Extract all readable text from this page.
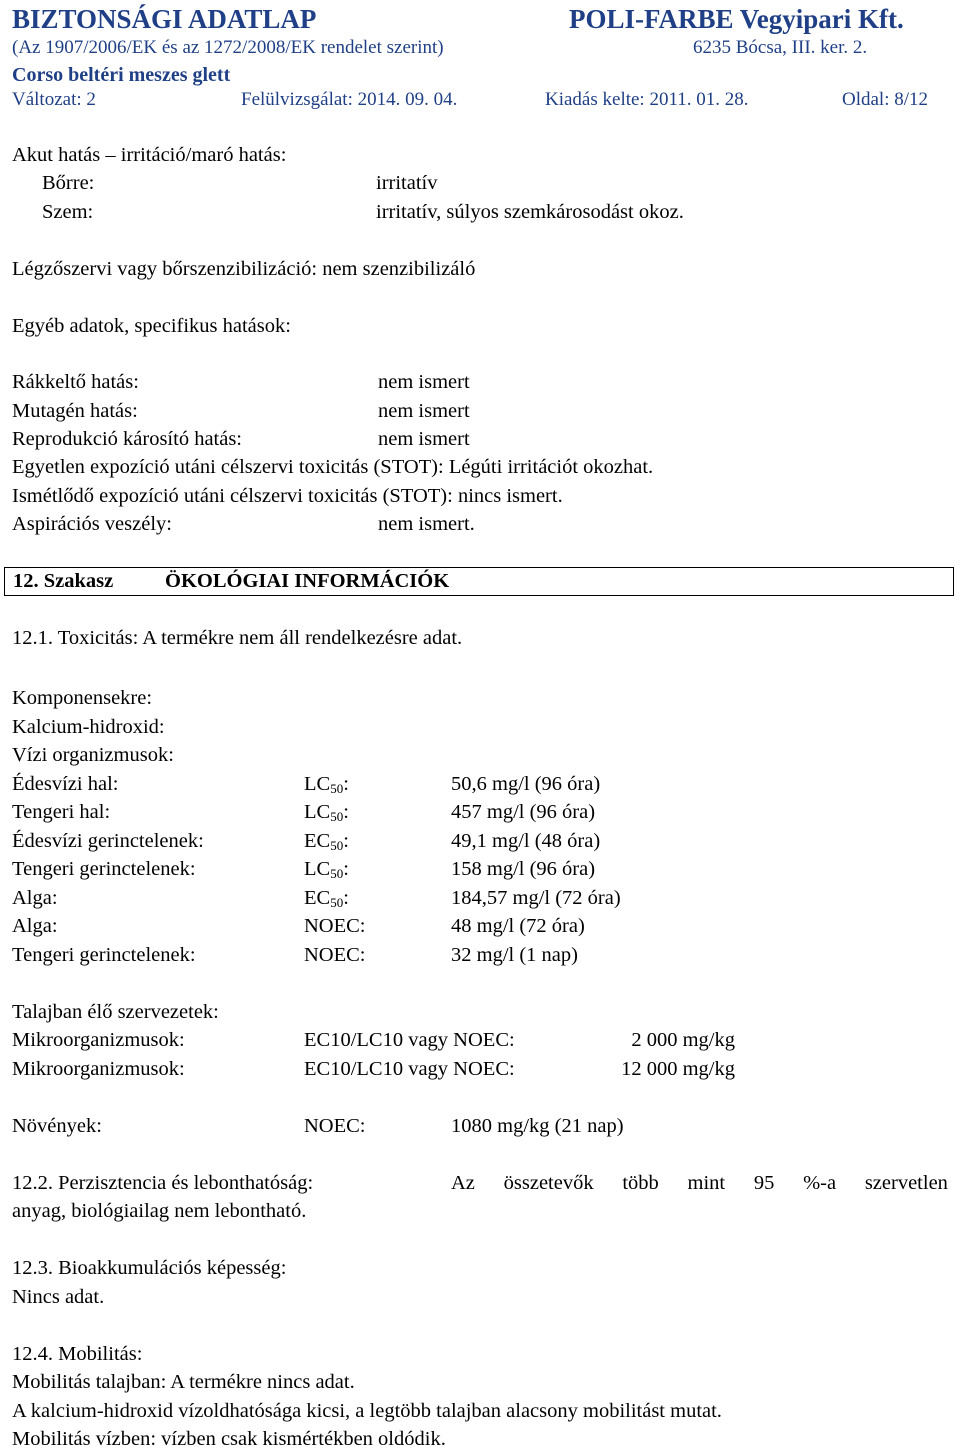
BIZTONSÁGI ADATLAP	POLI-FARBE Vegyipari Kft.
(Az 1907/2006/EK és az 1272/2008/EK rendelet szerint)	6235 Bócsa, III. ker. 2.
Corso beltéri meszes glett
Változat: 2	Felülvizsgálat: 2014. 09. 04.	Kiadás kelte: 2011. 01. 28.	Oldal: 8/12
Akut hatás – irritáció/maró hatás:
Bőrre:	irritatív
Szem:	irritatív, súlyos szemkárosodást okoz.
Légzőszervi vagy bőrszenzibilizáció: nem szenzibilizáló
Egyéb adatok, specifikus hatások:
Rákkeltő hatás:	nem ismert
Mutagén hatás:	nem ismert
Reprodukció károsító hatás:	nem ismert
Egyetlen expozíció utáni célszervi toxicitás (STOT): Légúti irritációt okozhat.
Ismétlődő expozíció utáni célszervi toxicitás (STOT): nincs ismert.
Aspirációs veszély:	nem ismert.
12. Szakasz	ÖKOLÓGIAI INFORMÁCIÓK
12.1. Toxicitás: A termékre nem áll rendelkezésre adat.
Komponensekre:
Kalcium-hidroxid:
Vízi organizmusok:
Édesvízi hal:	$LC_{50}$:	50,6 mg/l (96 óra)
Tengeri hal:	$LC_{50}$:	457 mg/l (96 óra)
Édesvízi gerinctelenek:	$EC_{50}$:	49,1 mg/l (48 óra)
Tengeri gerinctelenek:	$LC_{50}$:	158 mg/l (96 óra)
Alga:	$EC_{50}$:	184,57 mg/l (72 óra)
Alga:	NOEC:	48 mg/l (72 óra)
Tengeri gerinctelenek:	NOEC:	32 mg/l (1 nap)
Talajban élő szervezetek:
Mikroorganizmusok:	EC10/LC10 vagy NOEC:	2 000 mg/kg
Mikroorganizmusok:	EC10/LC10 vagy NOEC:	12 000 mg/kg
Növények:	NOEC:	1080 mg/kg (21 nap)
12.2. Perzisztencia és lebonthatóság:	Az összetevők több mint 95 %-a szervetlen
anyag, biológiailag nem lebontható.
12.3. Bioakkumulációs képesség:
Nincs adat.
12.4. Mobilitás:
Mobilitás talajban: A termékre nincs adat.
A kalcium-hidroxid vízoldhatósága kicsi, a legtöbb talajban alacsony mobilitást mutat.
Mobilitás vízben: vízben csak kismértékben oldódik.
